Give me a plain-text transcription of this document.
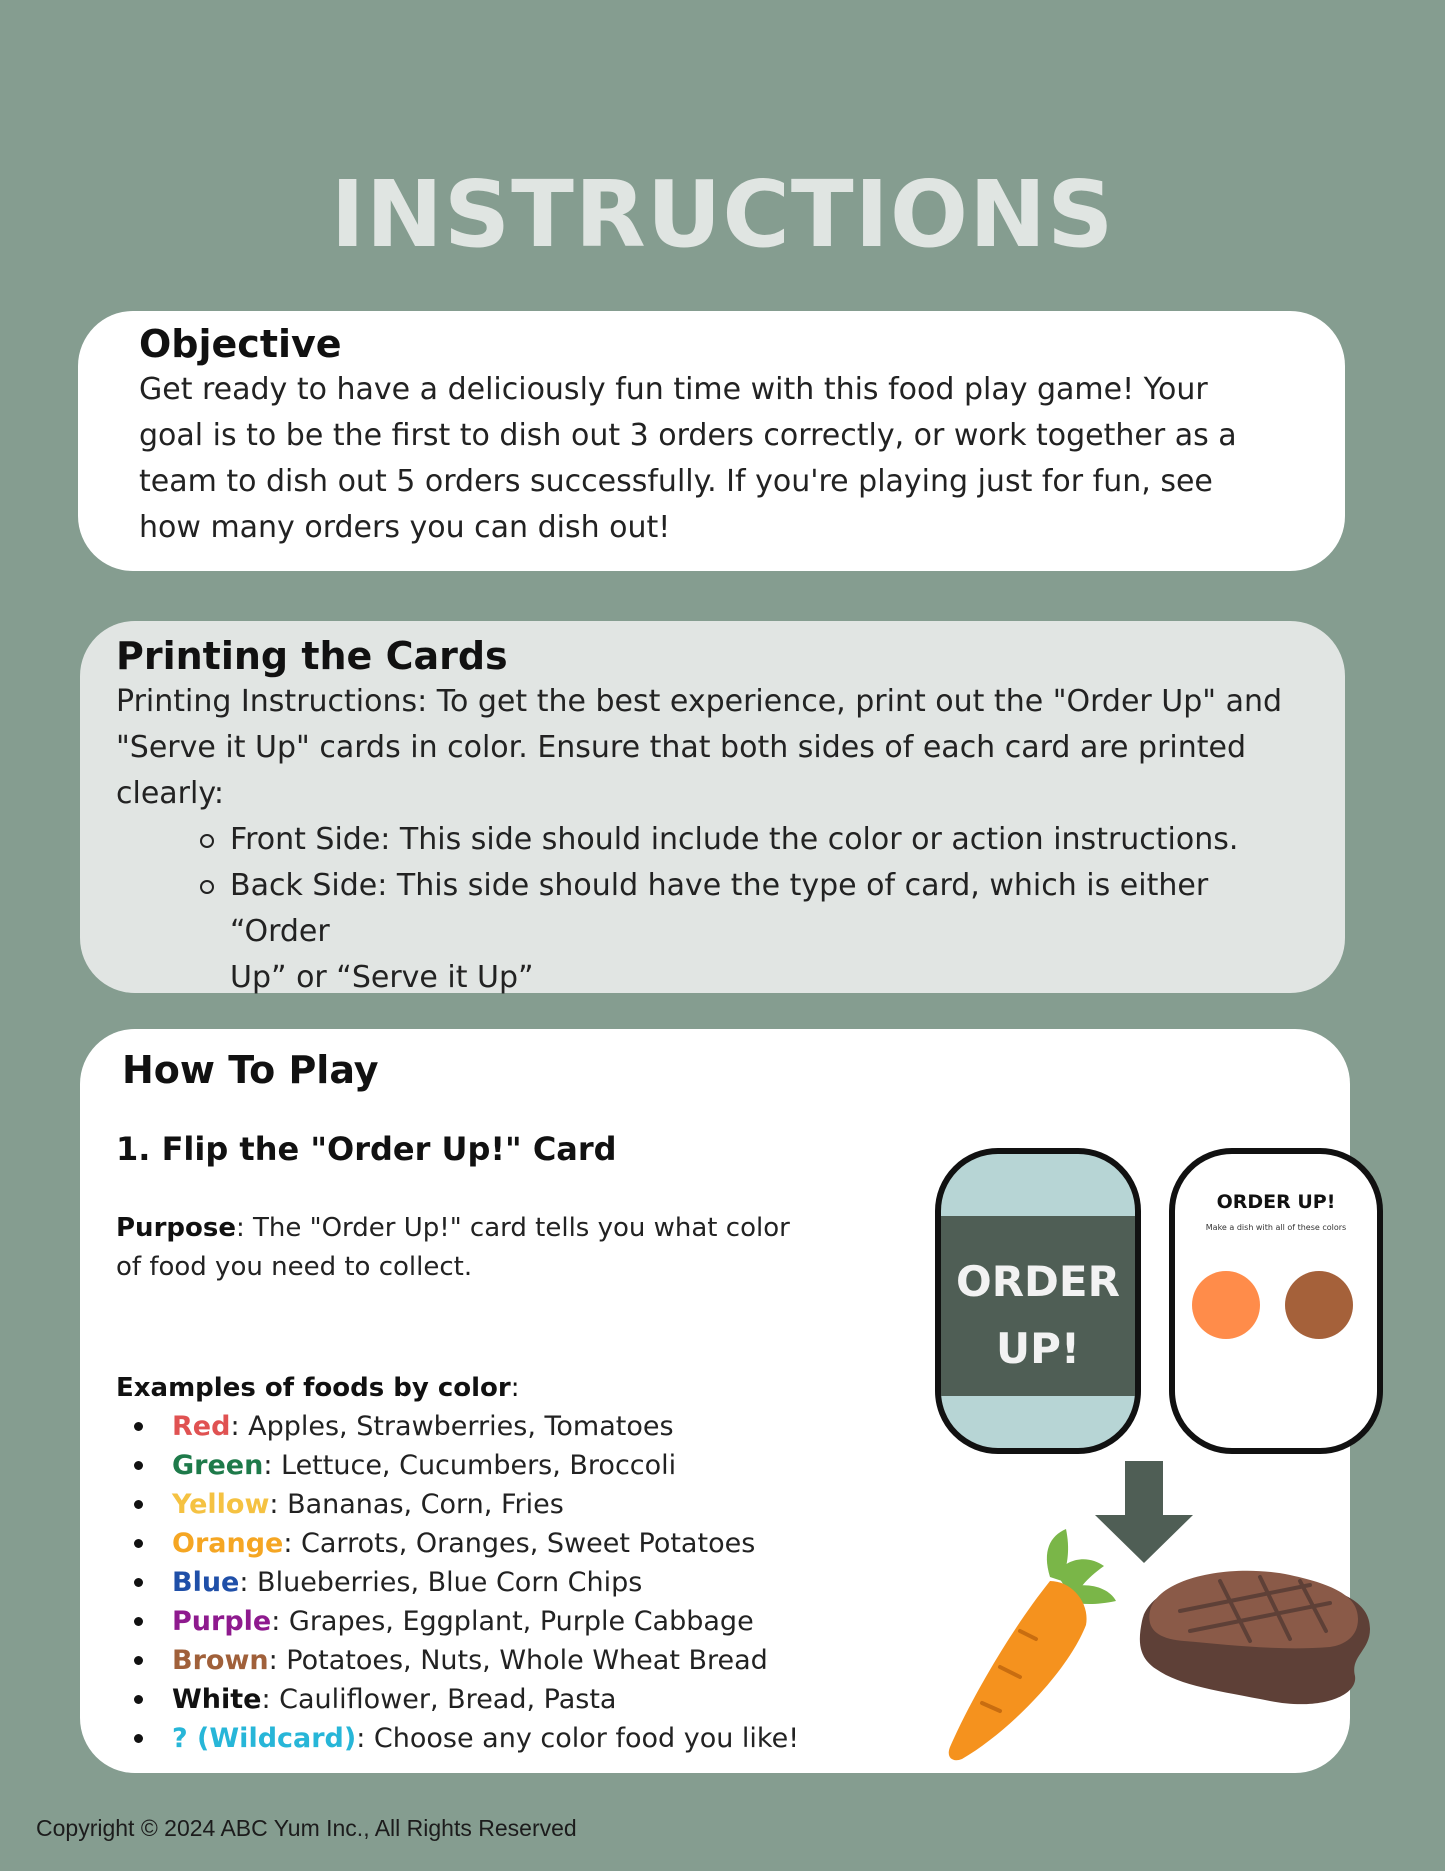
INSTRUCTIONS

Objective

Get ready to have a deliciously fun time with this food play game! Your

goal is to be the first to dish out 3 orders correctly, or work together as a

team to dish out 5 orders successfully. If you're playing just for fun, see

how many orders you can dish out!

Printing the Cards

Printing Instructions: To get the best experience, print out the "Order Up" and

"Serve it Up" cards in color. Ensure that both sides of each card are printed

clearly:

Front Side: This side should include the color or action instructions.
Back Side: This side should have the type of card, which is either “Order
Up” or “Serve it Up”

How To Play

1. Flip the "Order Up!" Card
Purpose: The "Order Up!" card tells you what color
of food you need to collect.
Examples of foods by color:
Red: Apples, Strawberries, Tomatoes
Green: Lettuce, Cucumbers, Broccoli
Yellow: Bananas, Corn, Fries
Orange: Carrots, Oranges, Sweet Potatoes
Blue: Blueberries, Blue Corn Chips
Purple: Grapes, Eggplant, Purple Cabbage
Brown: Potatoes, Nuts, Whole Wheat Bread
White: Cauliflower, Bread, Pasta
? (Wildcard): Choose any color food you like!
ORDER
UP!
ORDER UP!
Make a dish with all of these colors
Copyright © 2024 ABC Yum Inc., All Rights Reserved
